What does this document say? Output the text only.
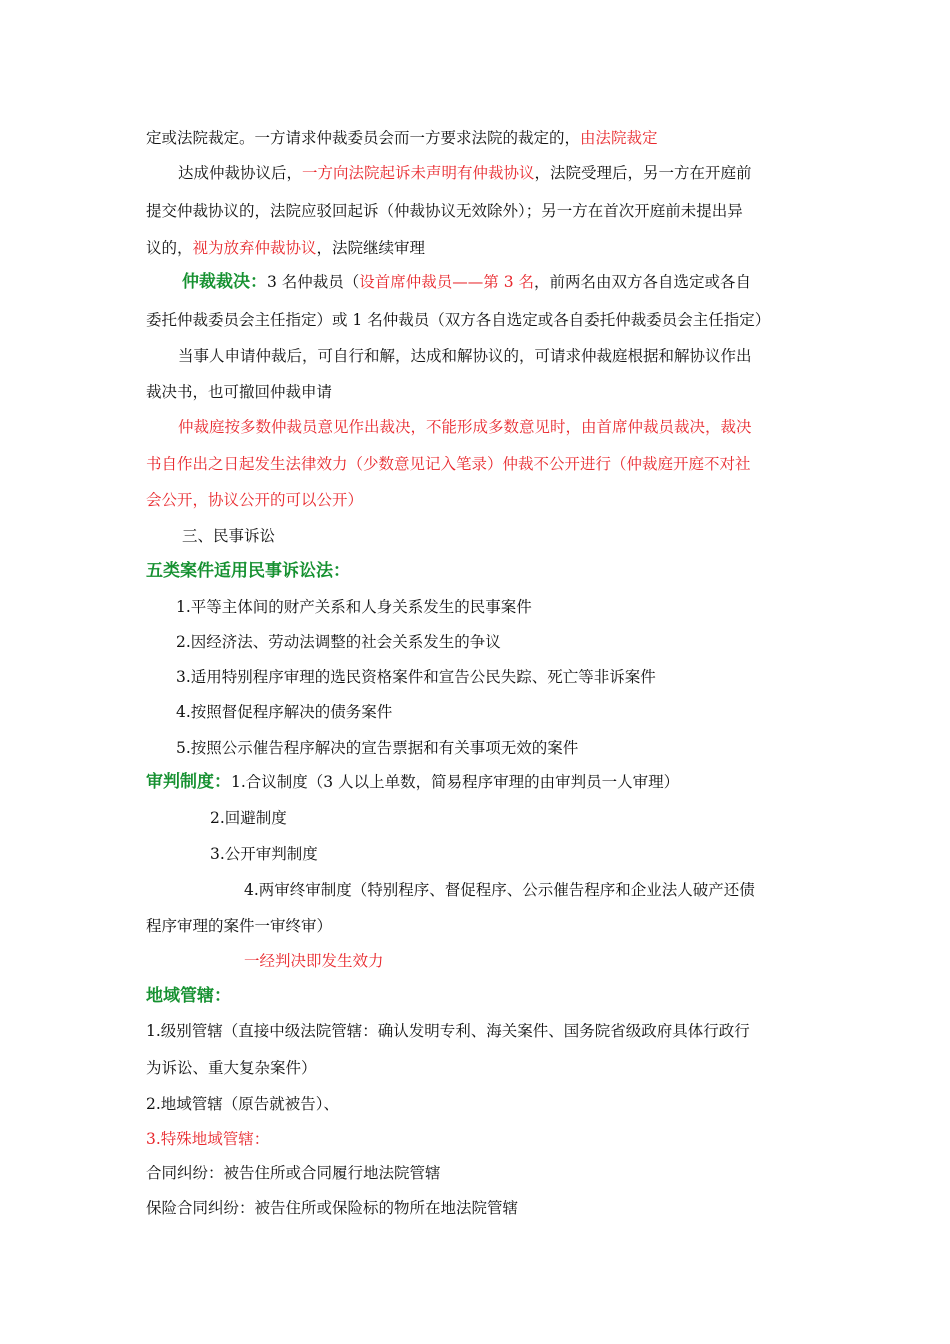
定或法院裁定。一方请求仲裁委员会而一方要求法院的裁定的，由法院裁定
达成仲裁协议后，一方向法院起诉未声明有仲裁协议，法院受理后，另一方在开庭前
提交仲裁协议的，法院应驳回起诉（仲裁协议无效除外）；另一方在首次开庭前未提出异
议的，视为放弃仲裁协议，法院继续审理
仲裁裁决：3 名仲裁员（设首席仲裁员——第 3 名，前两名由双方各自选定或各自
委托仲裁委员会主任指定）或 1 名仲裁员（双方各自选定或各自委托仲裁委员会主任指定）
当事人申请仲裁后，可自行和解，达成和解协议的，可请求仲裁庭根据和解协议作出
裁决书，也可撤回仲裁申请
仲裁庭按多数仲裁员意见作出裁决，不能形成多数意见时，由首席仲裁员裁决，裁决
书自作出之日起发生法律效力（少数意见记入笔录）仲裁不公开进行（仲裁庭开庭不对社
会公开，协议公开的可以公开）
三、民事诉讼
五类案件适用民事诉讼法：
1.平等主体间的财产关系和人身关系发生的民事案件
2.因经济法、劳动法调整的社会关系发生的争议
3.适用特别程序审理的选民资格案件和宣告公民失踪、死亡等非诉案件
4.按照督促程序解决的债务案件
5.按照公示催告程序解决的宣告票据和有关事项无效的案件
审判制度：1.合议制度（3 人以上单数，简易程序审理的由审判员一人审理）
2.回避制度
3.公开审判制度
4.两审终审制度（特别程序、督促程序、公示催告程序和企业法人破产还债
程序审理的案件一审终审）
一经判决即发生效力
地域管辖：
1.级别管辖（直接中级法院管辖：确认发明专利、海关案件、国务院省级政府具体行政行
为诉讼、重大复杂案件）
2.地域管辖（原告就被告）、
3.特殊地域管辖：
合同纠纷：被告住所或合同履行地法院管辖
保险合同纠纷：被告住所或保险标的物所在地法院管辖
